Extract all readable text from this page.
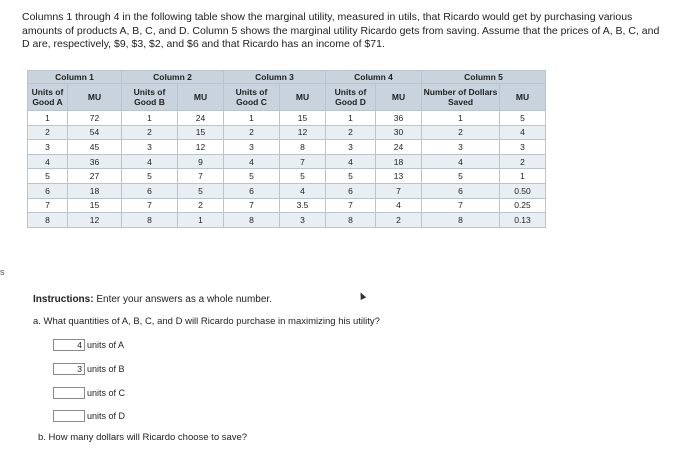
Columns 1 through 4 in the following table show the marginal utility, measured in utils, that Ricardo would get by purchasing various amounts of products A, B, C, and D. Column 5 shows the marginal utility Ricardo gets from saving. Assume that the prices of A, B, C, and D are, respectively, $9, $3, $2, and $6 and that Ricardo has an income of $71.
Column 1		Column 2		Column 3		Column 4		Column 5	
Units of Good A	MU	Units of Good B	MU	Units of Good C	MU	Units of Good D	MU	Number of Dollars Saved	MU
1	72	1	24	1	15	1	36	1	5
2	54	2	15	2	12	2	30	2	4
3	45	3	12	3	8	3	24	3	3
4	36	4	9	4	7	4	18	4	2
5	27	5	7	5	5	5	13	5	1
6	18	6	5	6	4	6	7	6	0.50
7	15	7	2	7	3.5	7	4	7	0.25
8	12	8	1	8	3	8	2	8	0.13
s
Instructions: Enter your answers as a whole number.
a. What quantities of A, B, C, and D will Ricardo purchase in maximizing his utility?
4 units of A
3 units of B
units of C
units of D
b. How many dollars will Ricardo choose to save?
